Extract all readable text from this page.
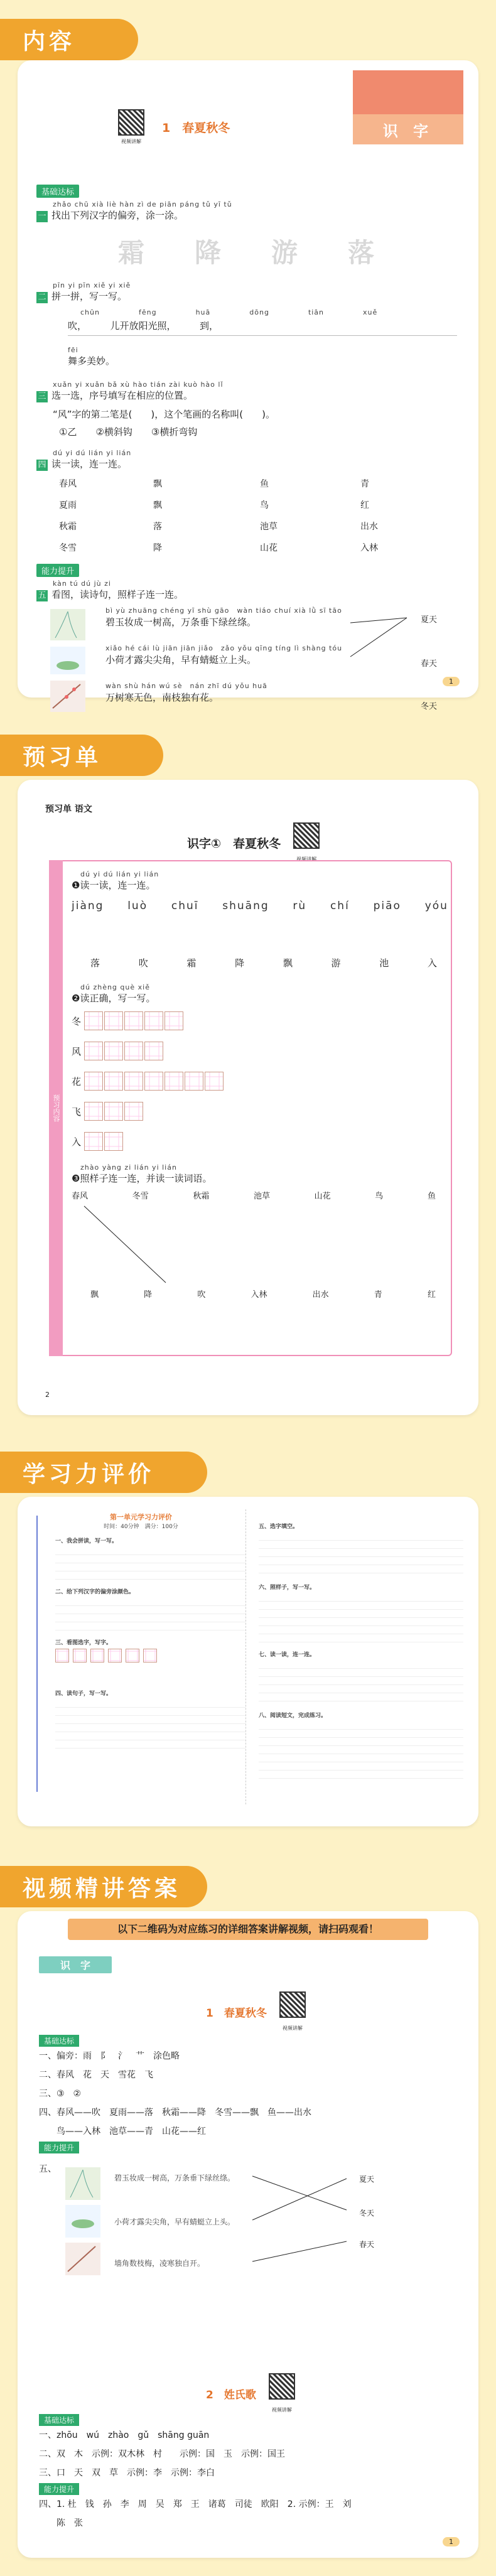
内容
识 字
视频讲解
1　春夏秋冬
基础达标
zhǎo chū xià liè hàn zì de piān páng tǔ yī tǔ
一 找出下列汉字的偏旁，涂一涂。
霜 降 游 落
pīn yi pīn xiě yi xiě
二 拼一拼，写一写。
chūn	fēng	huā	dōng	tiān	xuě
吹，　　　儿开放阳光照，　　　到，　　　
fēi
舞多美妙。
xuǎn yi xuǎn bǎ xù hào tián zài kuò hào lǐ
三 选一选，序号填写在相应的位置。
“风”字的第二笔是(　　)，这个笔画的名称叫(　　)。
①乙　　②横斜钩　　③横折弯钩
dú yi dú lián yi lián
四 读一读，连一连。
春风	飘	鱼	青
夏雨	飘	鸟	红
秋霜	落	池草	出水
冬雪	降	山花	入林
能力提升
kàn tú dú jù zi
五 看图，读诗句，照样子连一连。
bì yù zhuāng chéng yī shù gāo　wàn tiáo chuí xià lǜ sī tāo
碧玉妆成一树高，万条垂下绿丝绦。
xiǎo hé cái lù jiān jiān jiǎo　zǎo yǒu qīng tíng lì shàng tóu
小荷才露尖尖角，早有蜻蜓立上头。
wàn shù hán wú sè　nán zhī dú yǒu huā
万树寒无色，南枝独有花。
夏天
春天
冬天
1
预习单
预习单 语文
识字①　春夏秋冬

视频讲解
预习内容
dú yi dú lián yi lián
❶读一读，连一连。
jiàng luò chuī shuāng rù chí piāo yóu
落	吹	霜	降	飘	游	池	入
dú zhèng què xiě
❷读正确，写一写。
冬
风
花
飞
入
zhào yàng zi lián yi lián
❸照样子连一连，并读一读词语。
春风	冬雪	秋霜	池草	山花	鸟	鱼
飘	降	吹	入林	出水	青	红
2
学习力评价
第一单元学习力评价
时间：40分钟　满分：100分
一、我会拼读，写一写。
二、给下列汉字的偏旁涂颜色。
三、看图选字，写字。
四、读句子，写一写。
五、选字填空。
六、照样子，写一写。
七、读一读，连一连。
八、阅读短文，完成练习。
视频精讲答案
以下二维码为对应练习的详细答案讲解视频，请扫码观看！
识　字
1　春夏秋冬

视频讲解
基础达标
一、偏旁：雨　阝　氵　艹　涂色略
二、春风　花　天　雪花　飞
三、③　②
四、春风——吹　夏雨——落　秋霜——降　冬雪——飘　鱼——出水
　　鸟——入林　池草——青　山花——红
能力提升
五、
碧玉妆成一树高，万条垂下绿丝绦。
小荷才露尖尖角，早有蜻蜓立上头。
墙角数枝梅，凌寒独自开。
夏天
冬天
春天
2　姓氏歌

视频讲解
基础达标
一、zhōu　wú　zhào　gǔ　shāng guān
二、双　木　示例：双木林　村　　示例：国　玉　示例：国王
三、口　天　双　草　示例：李　示例：李白
能力提升
四、1. 杜　钱　孙　李　周　吴　郑　王　诸葛　司徒　欧阳　2. 示例：王　刘
　　陈　张
1
